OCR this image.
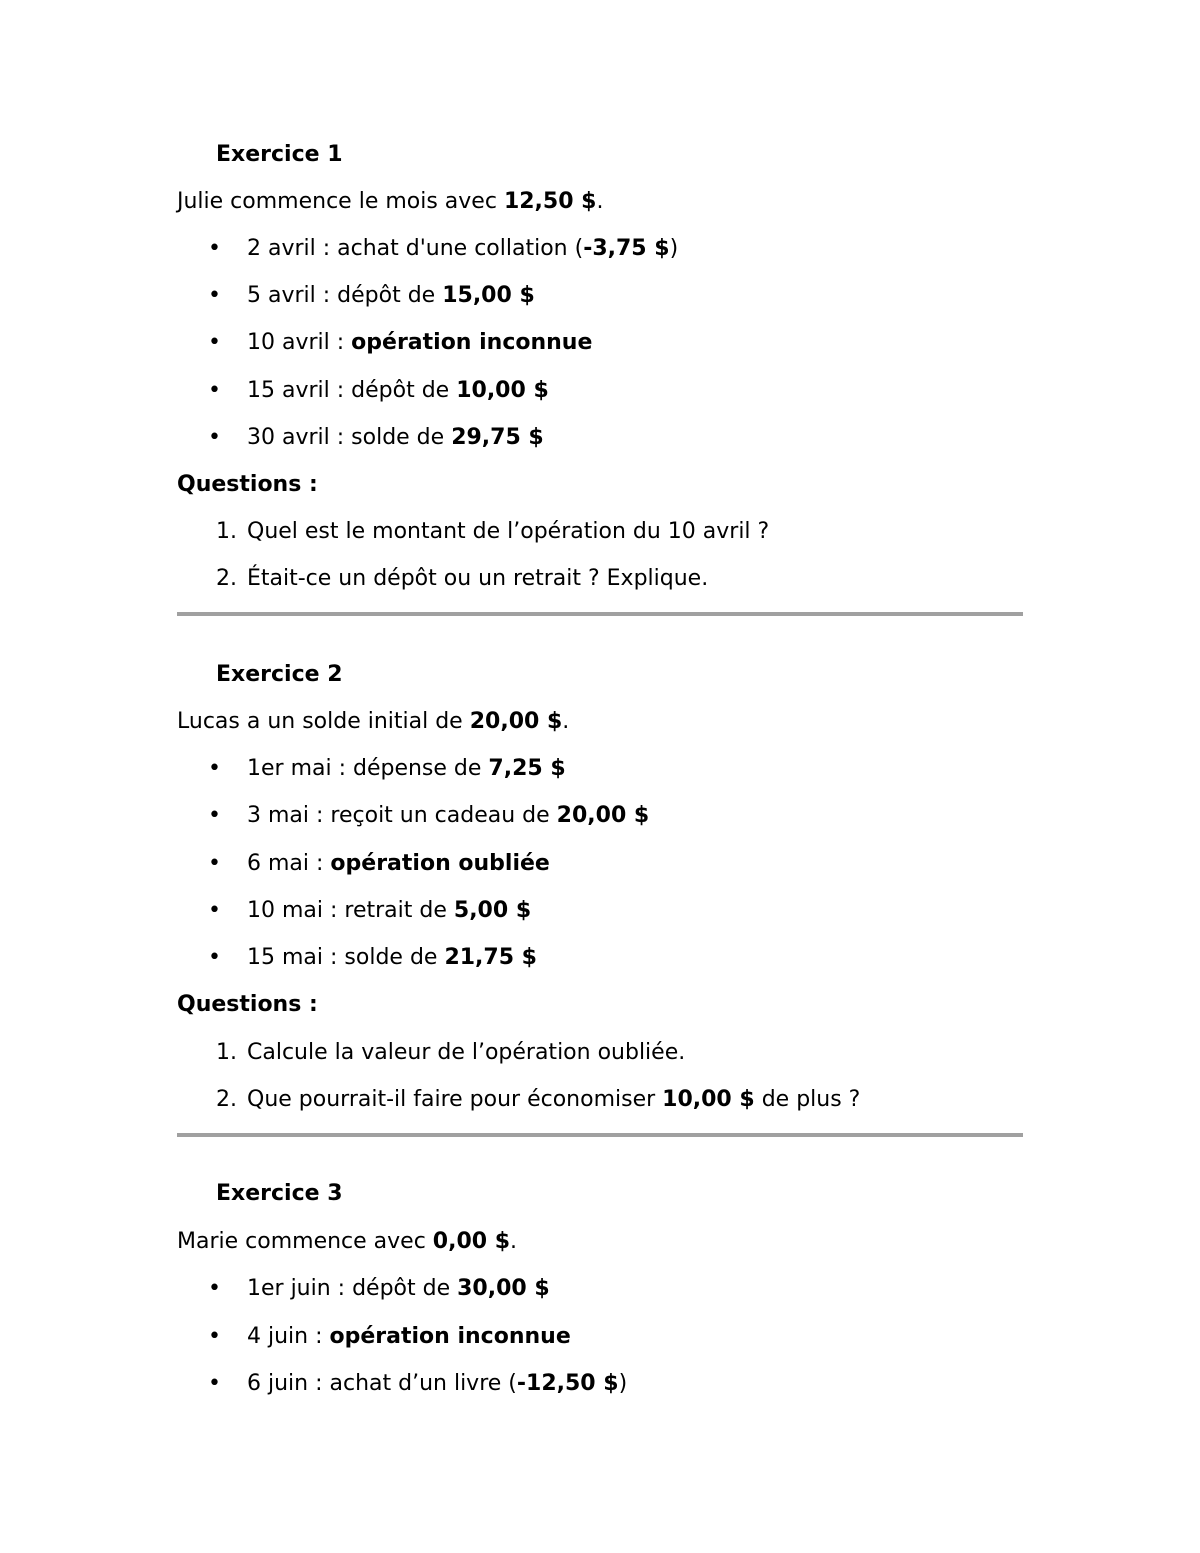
Exercice 1
Julie commence le mois avec 12,50 $.
• 2 avril : achat d'une collation (-3,75 $)
• 5 avril : dépôt de 15,00 $
• 10 avril : opération inconnue
• 15 avril : dépôt de 10,00 $
• 30 avril : solde de 29,75 $
Questions :
1. Quel est le montant de l’opération du 10 avril ?
2. Était-ce un dépôt ou un retrait ? Explique.
Exercice 2
Lucas a un solde initial de 20,00 $.
• 1er mai : dépense de 7,25 $
• 3 mai : reçoit un cadeau de 20,00 $
• 6 mai : opération oubliée
• 10 mai : retrait de 5,00 $
• 15 mai : solde de 21,75 $
Questions :
1. Calcule la valeur de l’opération oubliée.
2. Que pourrait-il faire pour économiser 10,00 $ de plus ?
Exercice 3
Marie commence avec 0,00 $.
• 1er juin : dépôt de 30,00 $
• 4 juin : opération inconnue
• 6 juin : achat d’un livre (-12,50 $)
